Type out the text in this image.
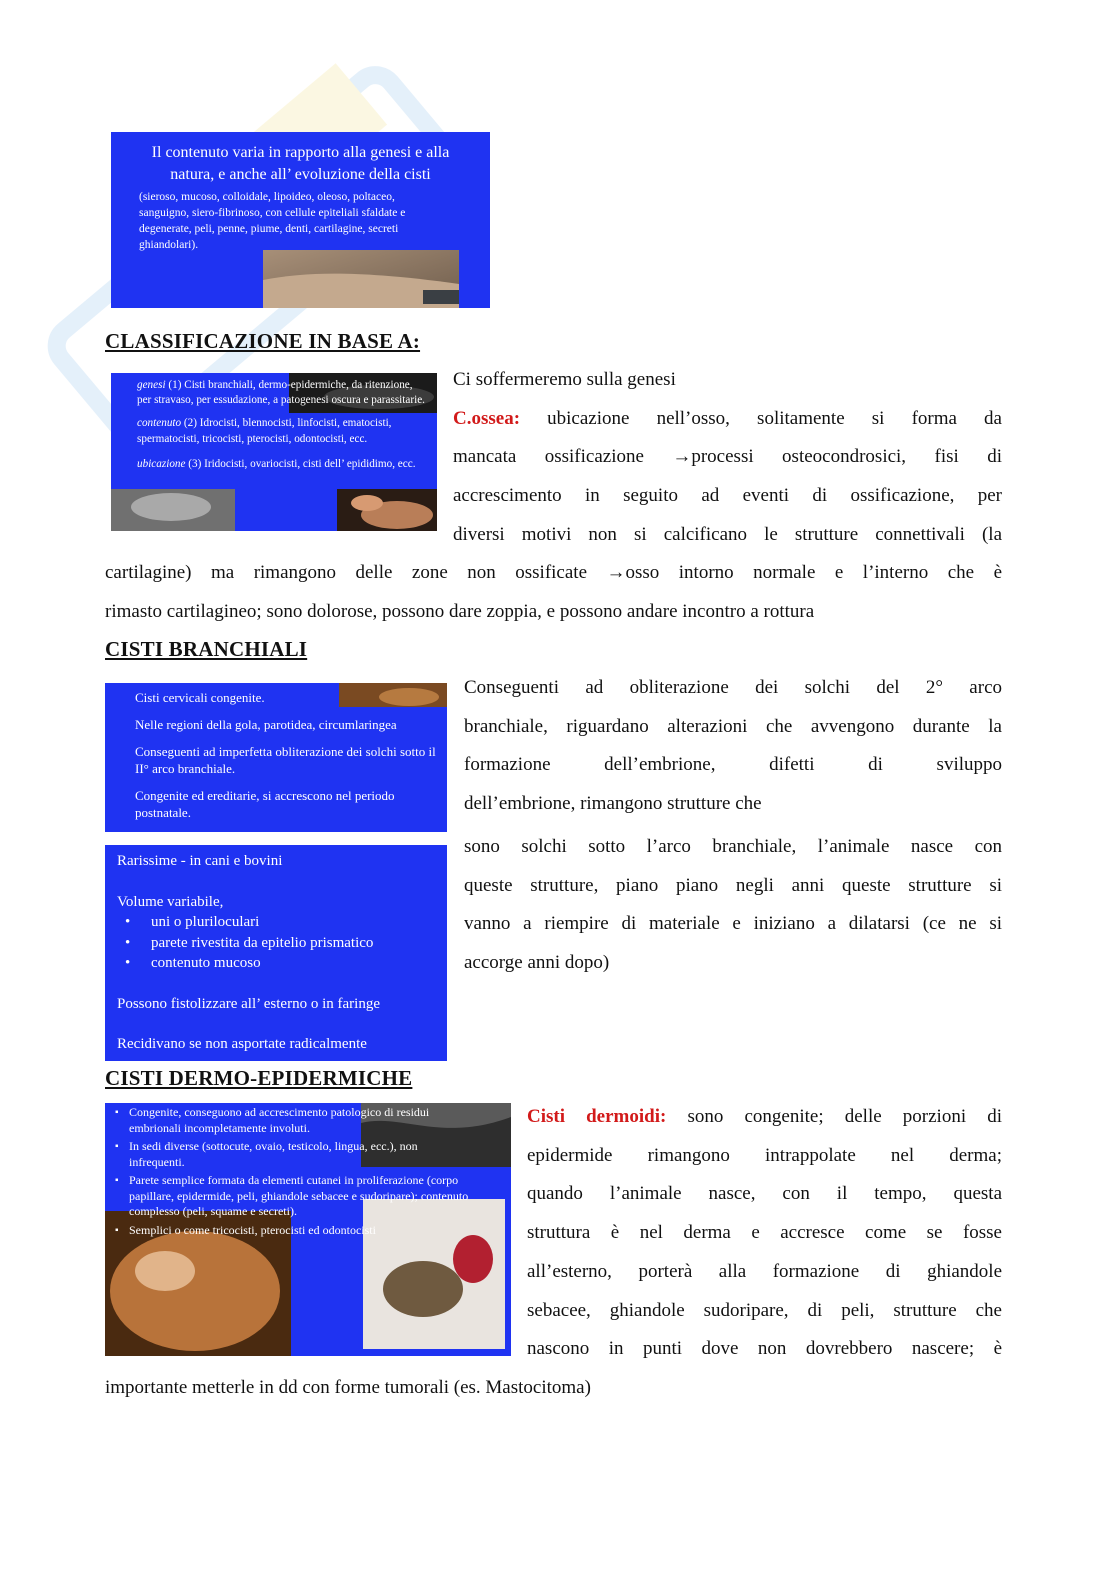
Il contenuto varia in rapporto alla genesi e alla

natura, e anche all’ evoluzione della cisti

(sieroso, mucoso, colloidale, lipoideo, oleoso, poltaceo,

sanguigno, siero-fibrinoso, con cellule epiteliali sfaldate e

degenerate, peli, penne, piume, denti, cartilagine, secreti

ghiandolari).

CLASSIFICAZIONE IN BASE A:

genesi (1) Cisti branchiali, dermo-epidermiche, da ritenzione, per stravaso, per essudazione, a patogenesi oscura e parassitarie.

contenuto (2) Idrocisti, blennocisti, linfocisti, ematocisti, spermatocisti, tricocisti, pterocisti, odontocisti, ecc.

ubicazione (3) Iridocisti, ovariocisti, cisti dell’ epididimo, ecc.

Ci soffermeremo sulla genesi
C.ossea: ubicazione nell’osso, solitamente si forma da
mancata ossificazione →processi osteocondrosici, fisi di
accrescimento in seguito ad eventi di ossificazione, per
diversi motivi non si calcificano le strutture connettivali (la
cartilagine) ma rimangono delle zone non ossificate →osso intorno normale e l’interno che è
rimasto cartilagineo; sono dolorose, possono dare zoppia, e possono andare incontro a rottura
CISTI BRANCHIALI

Cisti cervicali congenite.

Nelle regioni della gola, parotidea, circumlaringea

Conseguenti ad imperfetta obliterazione dei solchi sotto il II° arco branchiale.

Congenite ed ereditarie, si accrescono nel periodo postnatale.

Rarissime - in cani e bovini

Volume variabile,

• uni o pluriloculari

• parete rivestita da epitelio prismatico

• contenuto mucoso

Possono fistolizzare all’ esterno o in faringe

Recidivano se non asportate radicalmente

Conseguenti ad obliterazione dei solchi del 2° arco
branchiale, riguardano alterazioni che avvengono durante la
formazione dell’embrione, difetti di sviluppo
dell’embrione, rimangono strutture che
sono solchi sotto l’arco branchiale, l’animale nasce con
queste strutture, piano piano negli anni queste strutture si
vanno a riempire di materiale e iniziano a dilatarsi (ce ne si
accorge anni dopo)
CISTI DERMO-EPIDERMICHE

▪ Congenite, conseguono ad accrescimento patologico di residui embrionali incompletamente involuti.

▪ In sedi diverse (sottocute, ovaio, testicolo, lingua, ecc.), non infrequenti.

▪ Parete semplice formata da elementi cutanei in proliferazione (corpo papillare, epidermide, peli, ghiandole sebacee e sudoripare); contenuto complesso (peli, squame e secreti).

▪ Semplici o come tricocisti, pterocisti ed odontocisti

Cisti dermoidi: sono congenite; delle porzioni di
epidermide rimangono intrappolate nel derma;
quando l’animale nasce, con il tempo, questa
struttura è nel derma e accresce come se fosse
all’esterno, porterà alla formazione di ghiandole
sebacee, ghiandole sudoripare, di peli, strutture che
nascono in punti dove non dovrebbero nascere; è
importante metterle in dd con forme tumorali (es. Mastocitoma)
